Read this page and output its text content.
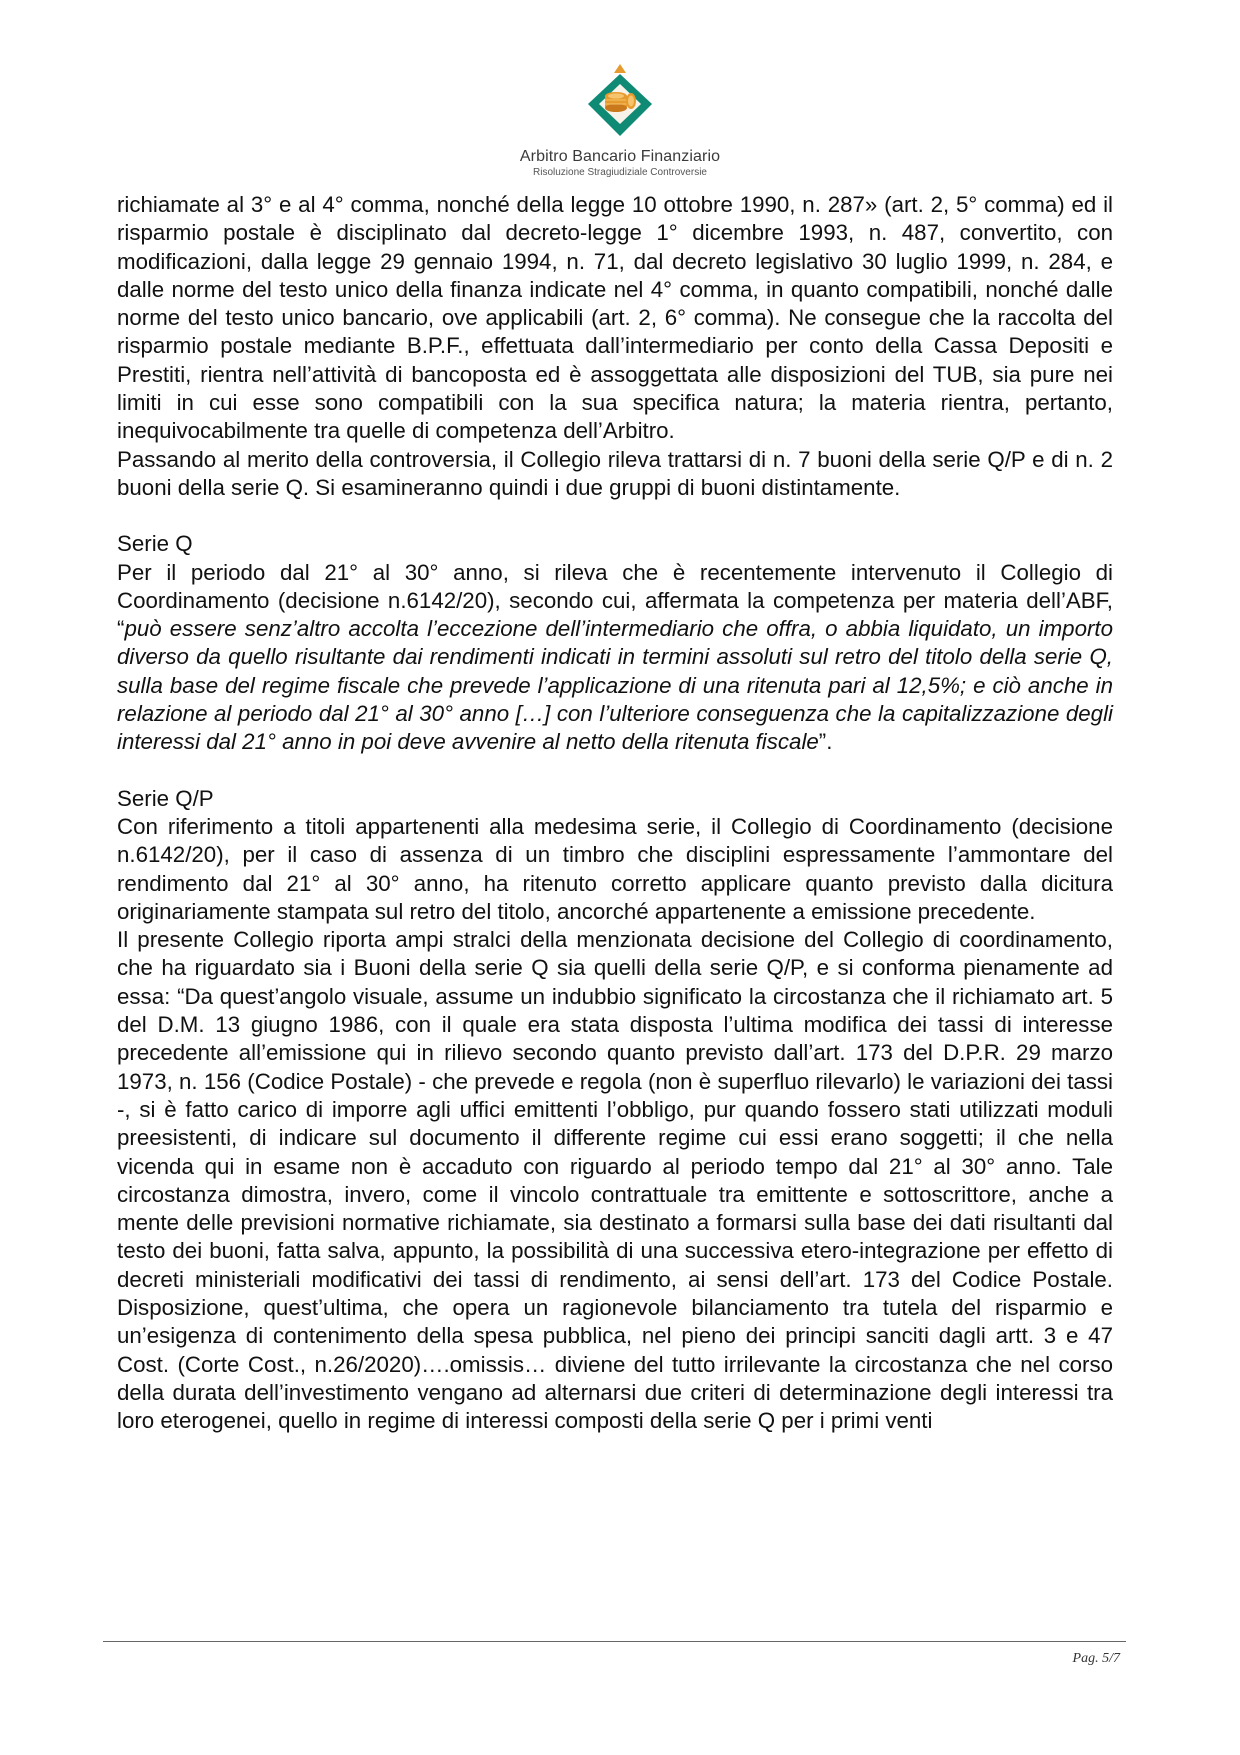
Arbitro Bancario Finanziario
Risoluzione Stragiudiziale Controversie

richiamate al 3° e al 4° comma, nonché della legge 10 ottobre 1990, n. 287» (art. 2, 5° comma) ed il risparmio postale è disciplinato dal decreto-legge 1° dicembre 1993, n. 487, convertito, con modificazioni, dalla legge 29 gennaio 1994, n. 71, dal decreto legislativo 30 luglio 1999, n. 284, e dalle norme del testo unico della finanza indicate nel 4° comma, in quanto compatibili, nonché dalle norme del testo unico bancario, ove applicabili (art. 2, 6° comma). Ne consegue che la raccolta del risparmio postale mediante B.P.F., effettuata dall’intermediario per conto della Cassa Depositi e Prestiti, rientra nell’attività di bancoposta ed è assoggettata alle disposizioni del TUB, sia pure nei limiti in cui esse sono compatibili con la sua specifica natura; la materia rientra, pertanto, inequivocabilmente tra quelle di competenza dell’Arbitro.

Passando al merito della controversia, il Collegio rileva trattarsi di n. 7 buoni della serie Q/P e di n. 2 buoni della serie Q. Si esamineranno quindi i due gruppi di buoni distintamente.

Serie Q

Per il periodo dal 21° al 30° anno, si rileva che è recentemente intervenuto il Collegio di Coordinamento (decisione n.6142/20), secondo cui, affermata la competenza per materia dell’ABF, “può essere senz’altro accolta l’eccezione dell’intermediario che offra, o abbia liquidato, un importo diverso da quello risultante dai rendimenti indicati in termini assoluti sul retro del titolo della serie Q, sulla base del regime fiscale che prevede l’applicazione di una ritenuta pari al 12,5%; e ciò anche in relazione al periodo dal 21° al 30° anno […] con l’ulteriore conseguenza che la capitalizzazione degli interessi dal 21° anno in poi deve avvenire al netto della ritenuta fiscale”.

Serie Q/P

Con riferimento a titoli appartenenti alla medesima serie, il Collegio di Coordinamento (decisione n.6142/20), per il caso di assenza di un timbro che disciplini espressamente l’ammontare del rendimento dal 21° al 30° anno, ha ritenuto corretto applicare quanto previsto dalla dicitura originariamente stampata sul retro del titolo, ancorché appartenente a emissione precedente.

Il presente Collegio riporta ampi stralci della menzionata decisione del Collegio di coordinamento, che ha riguardato sia i Buoni della serie Q sia quelli della serie Q/P, e si conforma pienamente ad essa: “Da quest’angolo visuale, assume un indubbio significato la circostanza che il richiamato art. 5 del D.M. 13 giugno 1986, con il quale era stata disposta l’ultima modifica dei tassi di interesse precedente all’emissione qui in rilievo secondo quanto previsto dall’art. 173 del D.P.R. 29 marzo 1973, n. 156 (Codice Postale) - che prevede e regola (non è superfluo rilevarlo) le variazioni dei tassi -, si è fatto carico di imporre agli uffici emittenti l’obbligo, pur quando fossero stati utilizzati moduli preesistenti, di indicare sul documento il differente regime cui essi erano soggetti; il che nella vicenda qui in esame non è accaduto con riguardo al periodo tempo dal 21° al 30° anno. Tale circostanza dimostra, invero, come il vincolo contrattuale tra emittente e sottoscrittore, anche a mente delle previsioni normative richiamate, sia destinato a formarsi sulla base dei dati risultanti dal testo dei buoni, fatta salva, appunto, la possibilità di una successiva etero-integrazione per effetto di decreti ministeriali modificativi dei tassi di rendimento, ai sensi dell’art. 173 del Codice Postale. Disposizione, quest’ultima, che opera un ragionevole bilanciamento tra tutela del risparmio e un’esigenza di contenimento della spesa pubblica, nel pieno dei principi sanciti dagli artt. 3 e 47 Cost. (Corte Cost., n.26/2020)….omissis… diviene del tutto irrilevante la circostanza che nel corso della durata dell’investimento vengano ad alternarsi due criteri di determinazione degli interessi tra loro eterogenei, quello in regime di interessi composti della serie Q per i primi venti

Pag. 5/7
